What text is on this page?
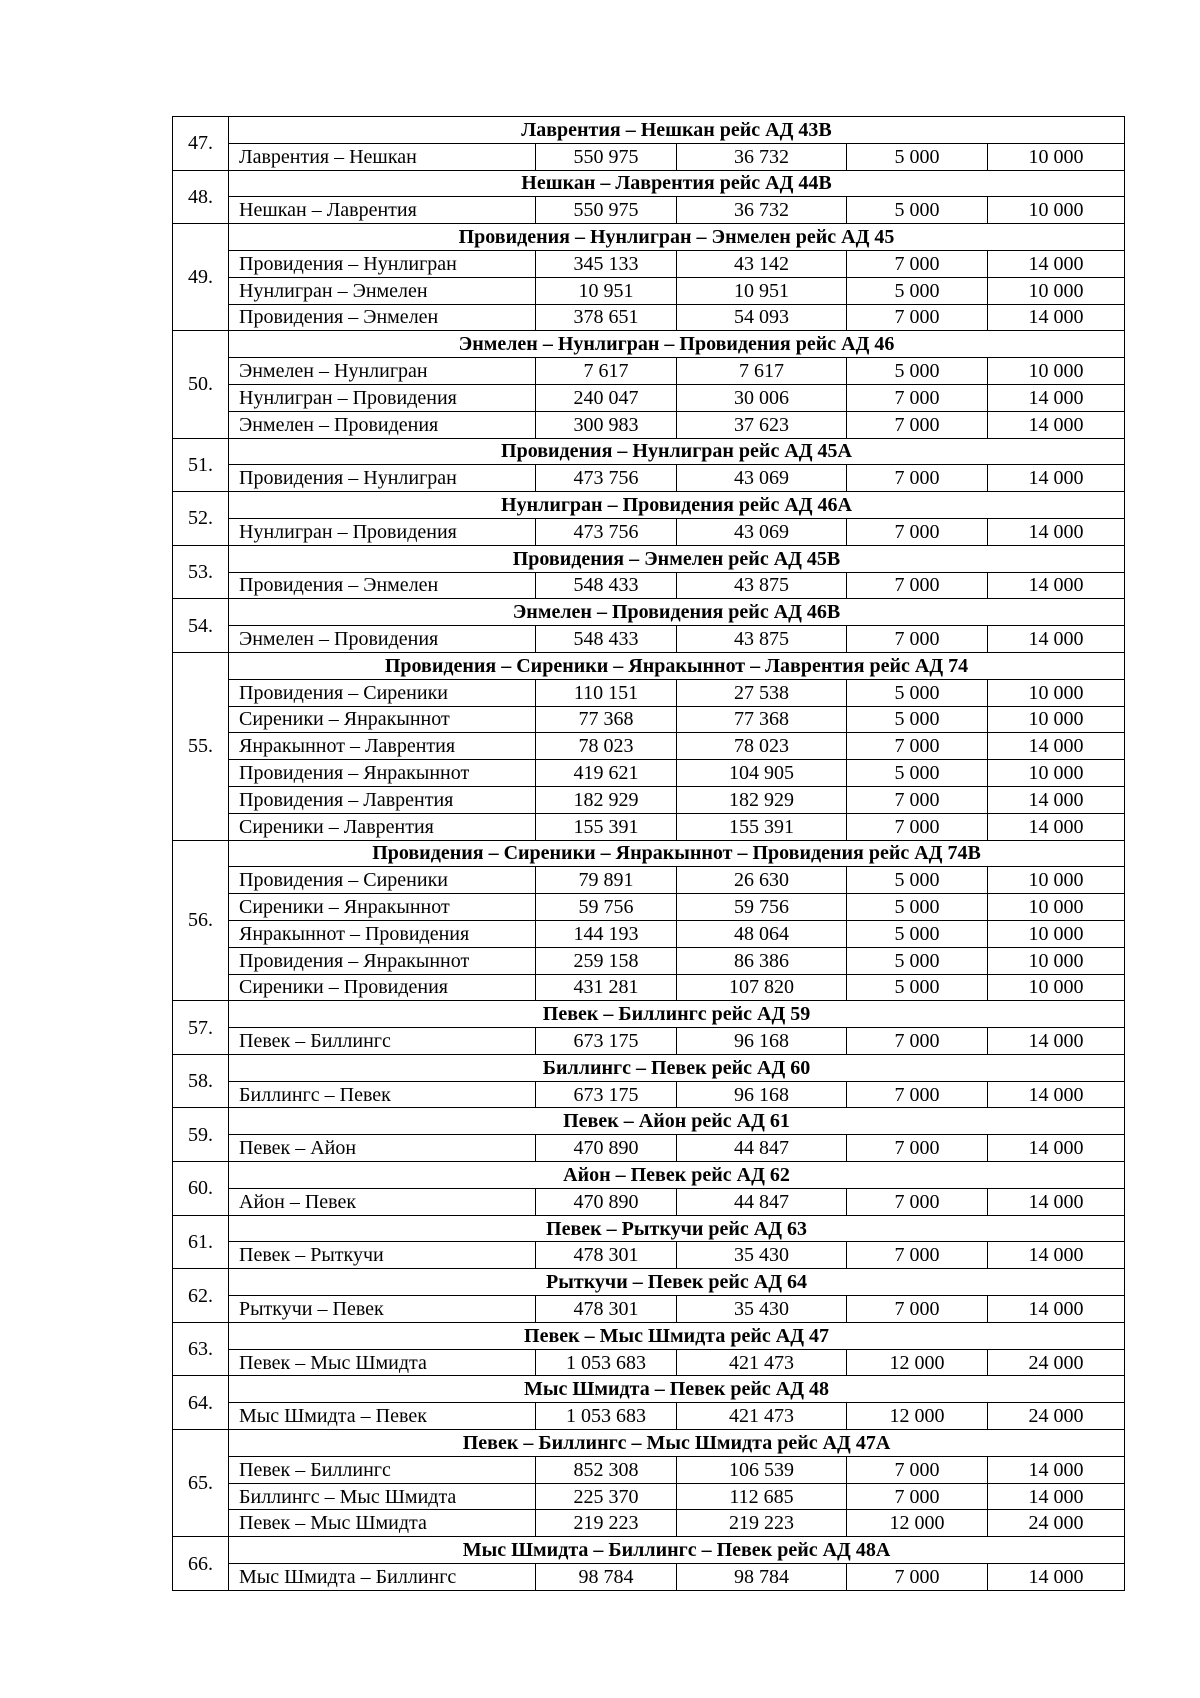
47.	Лаврентия – Нешкан рейс АД 43В				
	Лаврентия – Нешкан	550 975	36 732	5 000	10 000
48.	Нешкан – Лаврентия рейс АД 44В				
	Нешкан – Лаврентия	550 975	36 732	5 000	10 000
49.	Провидения – Нунлигран – Энмелен рейс АД 45				
	Провидения – Нунлигран	345 133	43 142	7 000	14 000
	Нунлигран – Энмелен	10 951	10 951	5 000	10 000
	Провидения – Энмелен	378 651	54 093	7 000	14 000
50.	Энмелен – Нунлигран – Провидения рейс АД 46				
	Энмелен – Нунлигран	7 617	7 617	5 000	10 000
	Нунлигран – Провидения	240 047	30 006	7 000	14 000
	Энмелен – Провидения	300 983	37 623	7 000	14 000
51.	Провидения – Нунлигран рейс АД 45А				
	Провидения – Нунлигран	473 756	43 069	7 000	14 000
52.	Нунлигран – Провидения рейс АД 46А				
	Нунлигран – Провидения	473 756	43 069	7 000	14 000
53.	Провидения – Энмелен рейс АД 45В				
	Провидения – Энмелен	548 433	43 875	7 000	14 000
54.	Энмелен – Провидения рейс АД 46В				
	Энмелен – Провидения	548 433	43 875	7 000	14 000
55.	Провидения – Сиреники – Янракыннот – Лаврентия рейс АД 74				
	Провидения – Сиреники	110 151	27 538	5 000	10 000
	Сиреники – Янракыннот	77 368	77 368	5 000	10 000
	Янракыннот – Лаврентия	78 023	78 023	7 000	14 000
	Провидения – Янракыннот	419 621	104 905	5 000	10 000
	Провидения – Лаврентия	182 929	182 929	7 000	14 000
	Сиреники – Лаврентия	155 391	155 391	7 000	14 000
56.	Провидения – Сиреники – Янракыннот – Провидения рейс АД 74В				
	Провидения – Сиреники	79 891	26 630	5 000	10 000
	Сиреники – Янракыннот	59 756	59 756	5 000	10 000
	Янракыннот – Провидения	144 193	48 064	5 000	10 000
	Провидения – Янракыннот	259 158	86 386	5 000	10 000
	Сиреники – Провидения	431 281	107 820	5 000	10 000
57.	Певек – Биллингс рейс АД 59				
	Певек – Биллингс	673 175	96 168	7 000	14 000
58.	Биллингс – Певек рейс АД 60				
	Биллингс – Певек	673 175	96 168	7 000	14 000
59.	Певек – Айон рейс АД 61				
	Певек – Айон	470 890	44 847	7 000	14 000
60.	Айон – Певек рейс АД 62				
	Айон – Певек	470 890	44 847	7 000	14 000
61.	Певек – Рыткучи рейс АД 63				
	Певек – Рыткучи	478 301	35 430	7 000	14 000
62.	Рыткучи – Певек рейс АД 64				
	Рыткучи – Певек	478 301	35 430	7 000	14 000
63.	Певек – Мыс Шмидта рейс АД 47				
	Певек – Мыс Шмидта	1 053 683	421 473	12 000	24 000
64.	Мыс Шмидта – Певек рейс АД 48				
	Мыс Шмидта – Певек	1 053 683	421 473	12 000	24 000
65.	Певек – Биллингс – Мыс Шмидта рейс АД 47А				
	Певек – Биллингс	852 308	106 539	7 000	14 000
	Биллингс – Мыс Шмидта	225 370	112 685	7 000	14 000
	Певек – Мыс Шмидта	219 223	219 223	12 000	24 000
66.	Мыс Шмидта – Биллингс – Певек рейс АД 48А				
	Мыс Шмидта – Биллингс	98 784	98 784	7 000	14 000
